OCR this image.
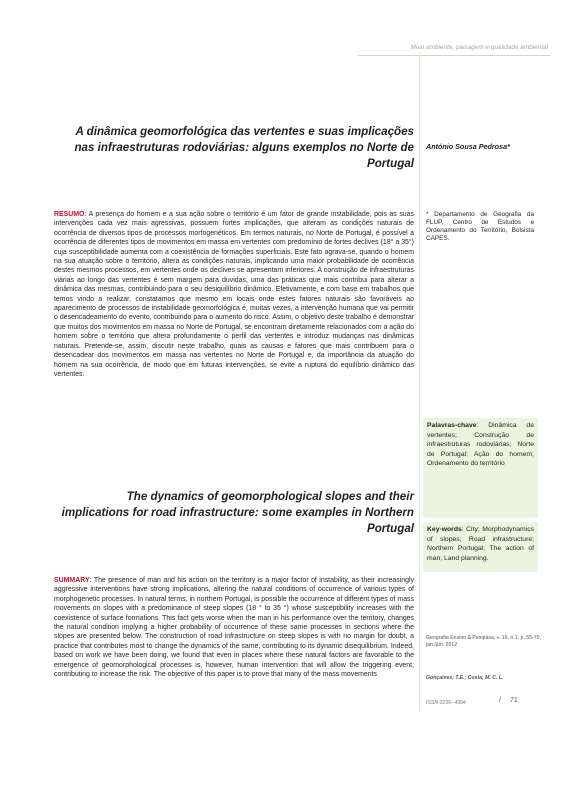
Meio ambiente, paisagem e qualidade ambiental
A dinâmica geomorfológica das vertentes e suas implicações nas infraestruturas rodoviárias: alguns exemplos no Norte de Portugal
António Sousa Pedrosa*
* Departamento de Geografia da FLUP, Centro de Estudos e Ordenamento do Território, Bolsista CAPES.
RESUMO: A presença do homem e a sua ação sobre o território é um fator de grande instabilidade, pois as suas intervenções cada vez mais agressivas, possuem fortes implicações, que alteram as condições naturais de ocorrência de diversos tipos de processos morfogenéticos. Em termos naturais, no Norte de Portugal, é possível a ocorrência de diferentes tipos de movimentos em massa em vertentes com predomínio de fortes declives (18° a 35°) cuja susceptibilidade aumenta com a coexistência de formações superficiais. Este fato agrava-se, quando o homem na sua atuação sobre o território, altera as condições naturais, implicando uma maior probabilidade de ocorrência destes mesmos processos, em vertentes onde os declives se apresentam inferiores. A construção de infraestruturas viárias ao longo das vertentes é sem margem para duvidas, uma das práticas que mais contribui para alterar a dinâmica das mesmas, contribuindo para o seu desiquilíbrio dinâmico. Efetivamente, e com base em trabalhos que temos vindo a realizar, constatamos que mesmo em locais onde estes fatores naturais são favoráveis ao aparecimento de processos de instabilidade geomorfológica é, muitas vezes, a intervenção humana que vai permitir o desencadeamento do evento, contribuindo para o aumento do risco. Assim, o objetivo deste trabalho é demonstrar que muitos dos movimentos em massa no Norte de Portugal, se encontram diretamente relacionados com a ação do homem sobre o território que altera profundamente o perfil das vertentes e introduz mudanças nas dinâmicas naturais. Pretende-se, assim, discutir neste trabalho, quais as causas e fatores que mais contribuem para o desencadear dos movimentos em massa nas vertentes no Norte de Portugal e, da importância da atuação do homem na sua ocorrência, de modo que em futuras intervenções, se evite a ruptura do equilíbrio dinâmico das vertentes.
Palavras-chave: Dinâmica de vertentes; Construção de infraestruturas rodoviárias; Norte de Portugal; Ação do homem; Ordenamento do território
The dynamics of geomorphological slopes and their implications for road infrastructure: some examples in Northern Portugal	Key-words: City; Morphodynamics of slopes; Road infrastructure; Northern Portugal; The action of man; Land planning.
SUMMARY: The presence of man and his action on the territory is a major factor of instability, as their increasingly aggressive interventions have strong implications, altering the natural conditions of occurrence of various types of morphogenetic processes. In natural terms, in northern Portugal, is possible the occurrence of different types of mass movements on slopes with a predominance of steep slopes (18 ° to 35 °) whose susceptibility increases with the coexistence of surface formations. This fact gets worse when the man in his performance over the territory, changes the natural condition implying a higher probability of occurrence of these same processes in sections where the slopes are presented below. The construction of road infrastructure on steep slopes is with no margin for doubt, a practice that contributes most to change the dynamics of the same, contributing to its dynamic disequilibrium. Indeed, based on work we have been doing, we found that even in places where these natural factors are favorable to the emergence of geomorphological processes is, however, human intervention that will allow the triggering event, contributing to increase the risk. The objective of this paper is to prove that many of the mass movements
Geografia Ensino & Pesquisa, v. 16, n.1, p. 55-70, jan./jun. 2012
Gonçalves; T.E.; Costa, M. C. L.
ISSN 2236- 4994	/ 71
